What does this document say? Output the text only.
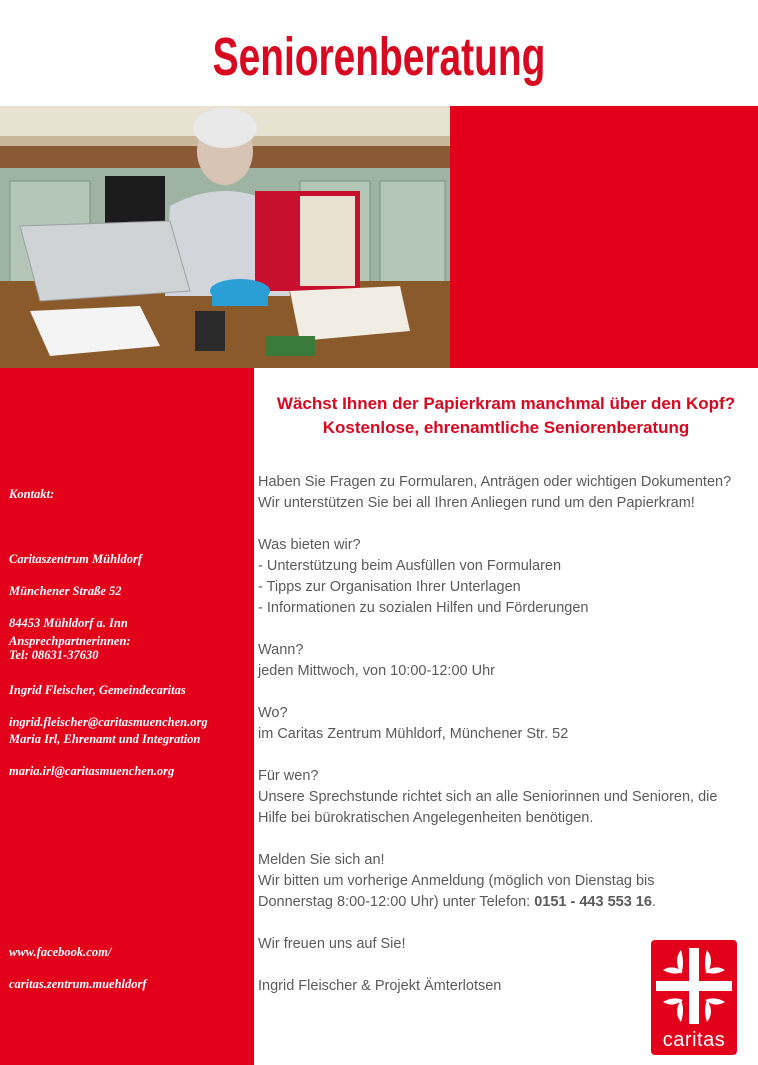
Seniorenberatung
Kontakt:

Caritaszentrum Mühldorf

Münchener Straße 52

84453 Mühldorf a. Inn

Tel: 08631-37630

Ansprechpartnerinnen:

Ingrid Fleischer, Gemeindecaritas

ingrid.fleischer@caritasmuenchen.org

Maria Irl, Ehrenamt und Integration

maria.irl@caritasmuenchen.org

www.facebook.com/

caritas.zentrum.muehldorf

Wächst Ihnen der Papierkram manchmal über den Kopf?
Kostenlose, ehrenamtliche Seniorenberatung

Haben Sie Fragen zu Formularen, Anträgen oder wichtigen Dokumenten?
Wir unterstützen Sie bei all Ihren Anliegen rund um den Papierkram!

Was bieten wir?
- Unterstützung beim Ausfüllen von Formularen
- Tipps zur Organisation Ihrer Unterlagen
- Informationen zu sozialen Hilfen und Förderungen

Wann?
jeden Mittwoch, von 10:00-12:00 Uhr

Wo?
im Caritas Zentrum Mühldorf, Münchener Str. 52

Für wen?
Unsere Sprechstunde richtet sich an alle Seniorinnen und Senioren, die
Hilfe bei bürokratischen Angelegenheiten benötigen.

Melden Sie sich an!
Wir bitten um vorherige Anmeldung (möglich von Dienstag bis
Donnerstag 8:00-12:00 Uhr) unter Telefon: 0151 - 443 553 16.

Wir freuen uns auf Sie!

Ingrid Fleischer & Projekt Ämterlotsen

caritas
